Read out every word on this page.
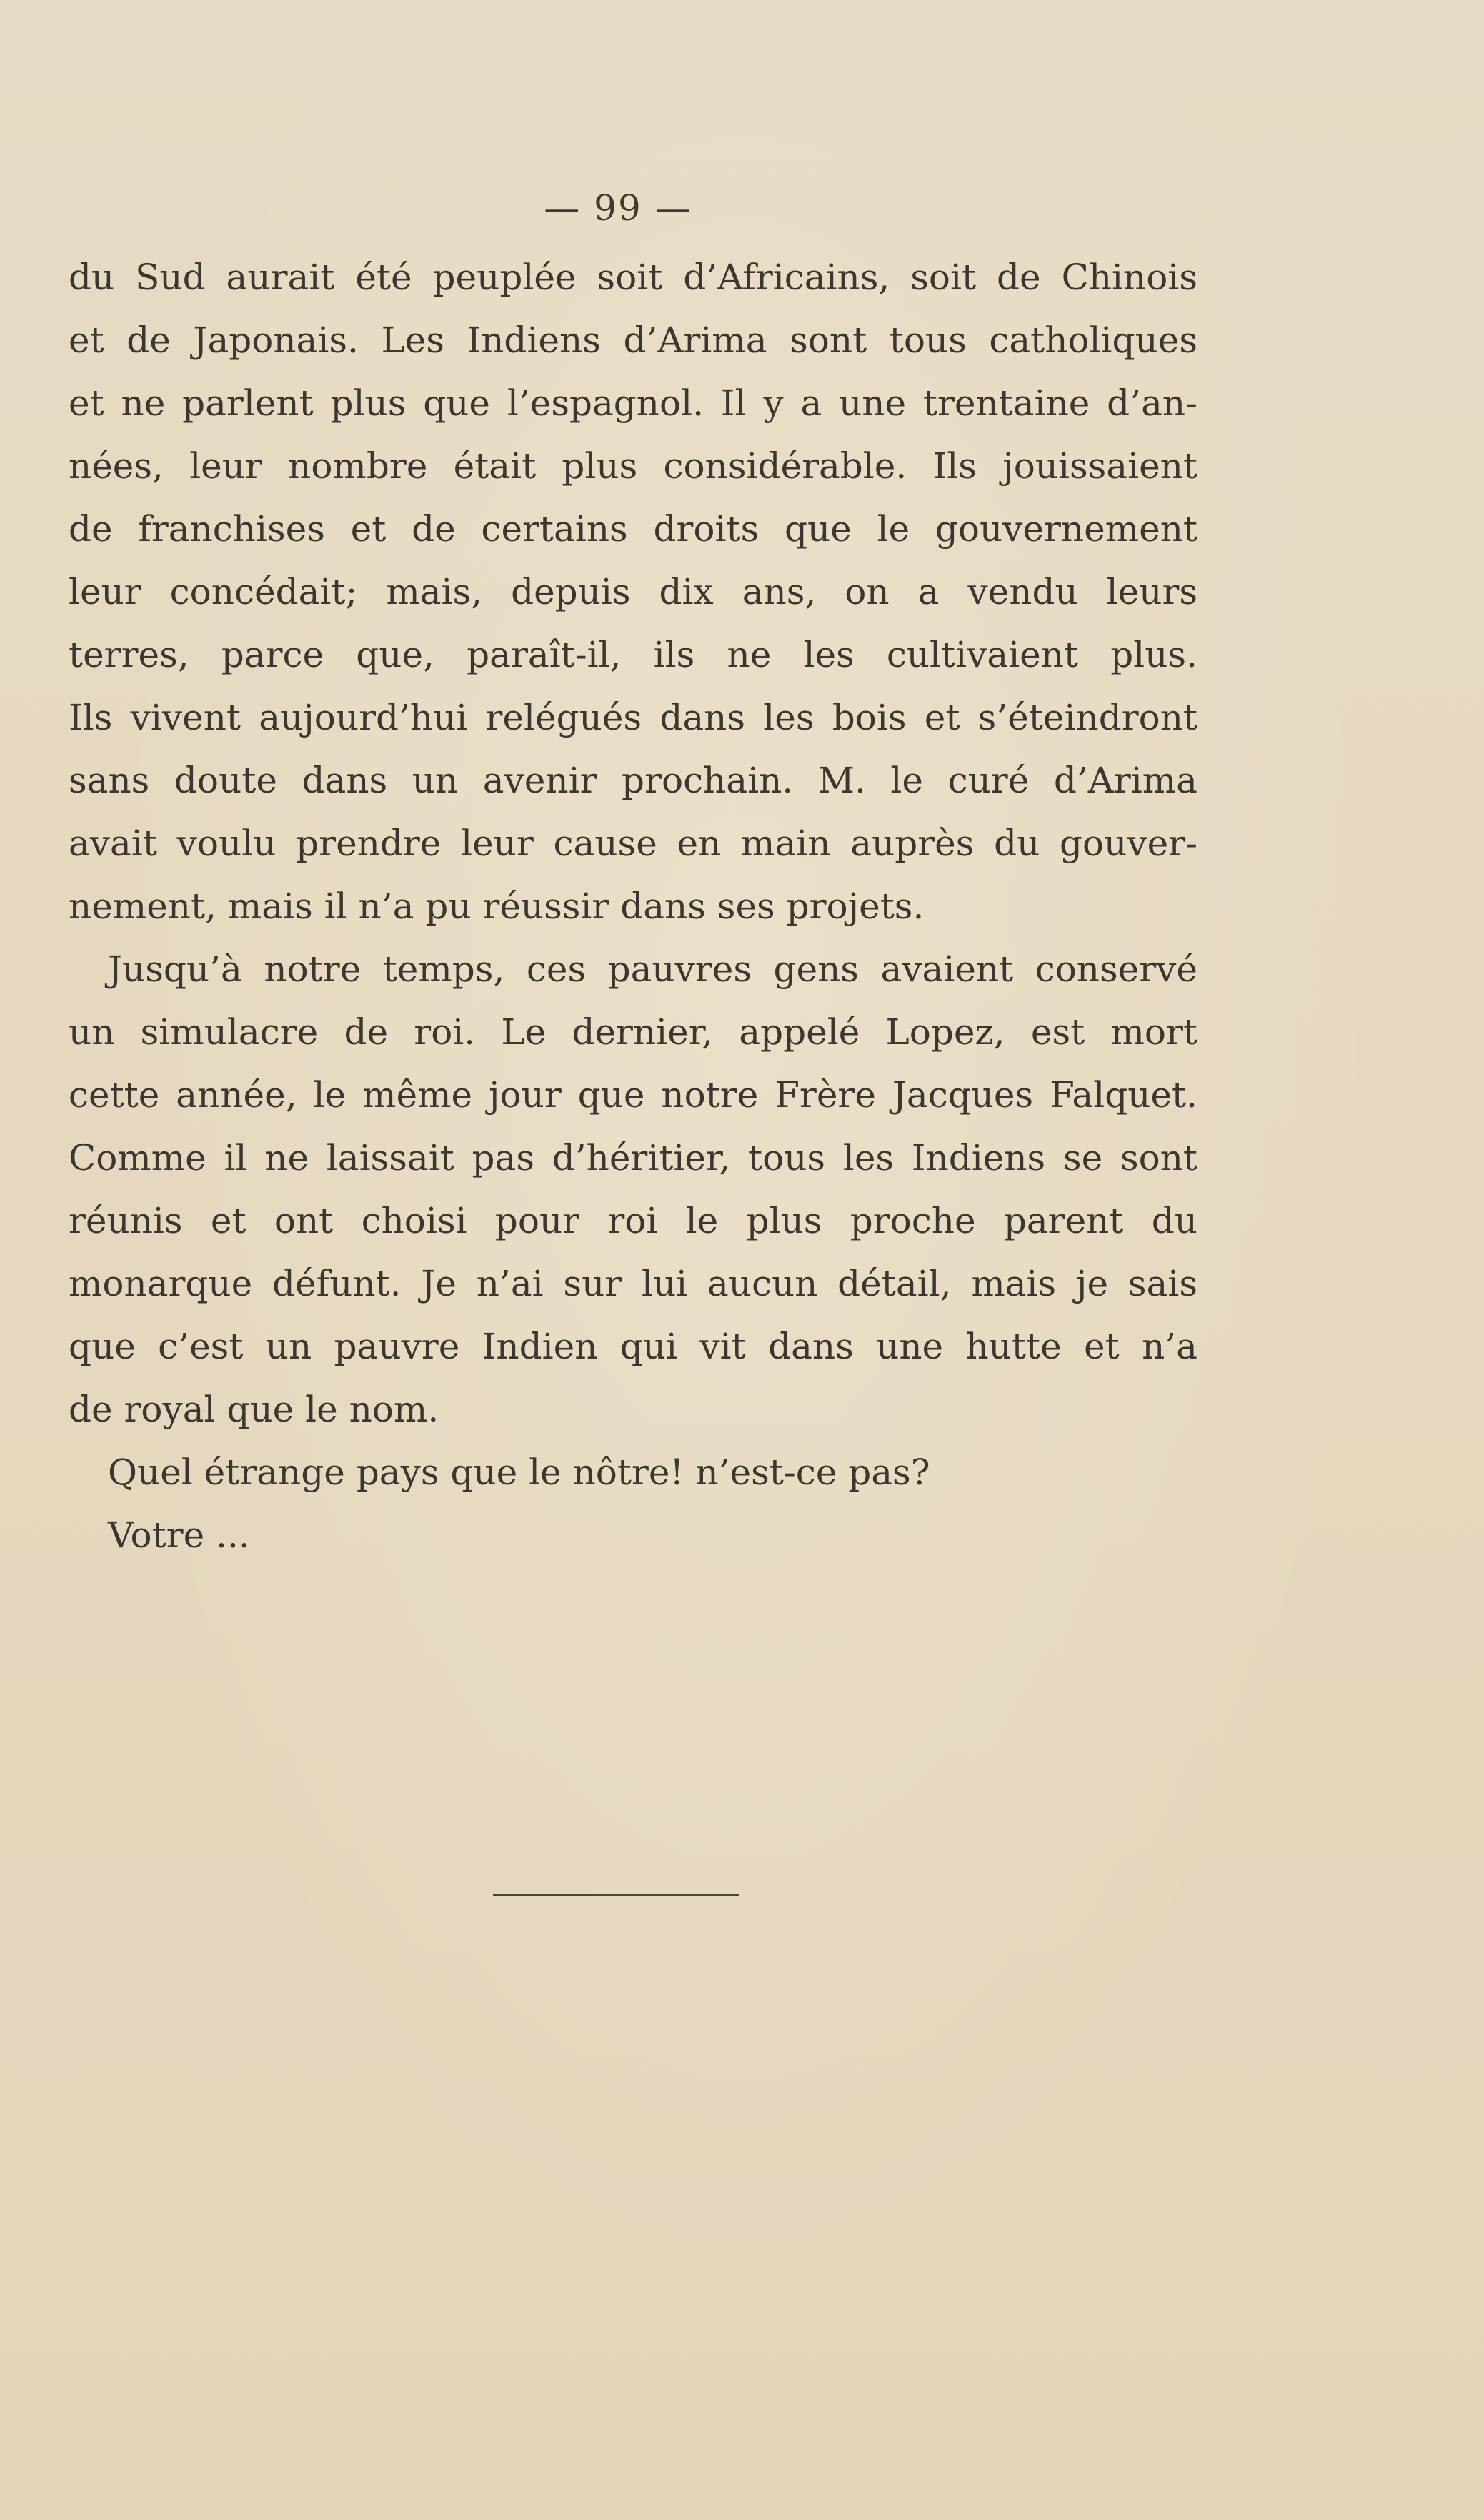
— 99 —
du Sud aurait été peuplée soit d’Africains, soit de Chinois
et de Japonais. Les Indiens d’Arima sont tous catholiques
et ne parlent plus que l’espagnol. Il y a une trentaine d’an-
nées, leur nombre était plus considérable. Ils jouissaient
de franchises et de certains droits que le gouvernement
leur concédait; mais, depuis dix ans, on a vendu leurs
terres, parce que, paraît-il, ils ne les cultivaient plus.
Ils vivent aujourd’hui relégués dans les bois et s’éteindront
sans doute dans un avenir prochain. M. le curé d’Arima
avait voulu prendre leur cause en main auprès du gouver-
nement, mais il n’a pu réussir dans ses projets.
Jusqu’à notre temps, ces pauvres gens avaient conservé
un simulacre de roi. Le dernier, appelé Lopez, est mort
cette année, le même jour que notre Frère Jacques Falquet.
Comme il ne laissait pas d’héritier, tous les Indiens se sont
réunis et ont choisi pour roi le plus proche parent du
monarque défunt. Je n’ai sur lui aucun détail, mais je sais
que c’est un pauvre Indien qui vit dans une hutte et n’a
de royal que le nom.
Quel étrange pays que le nôtre! n’est-ce pas?
Votre ...
